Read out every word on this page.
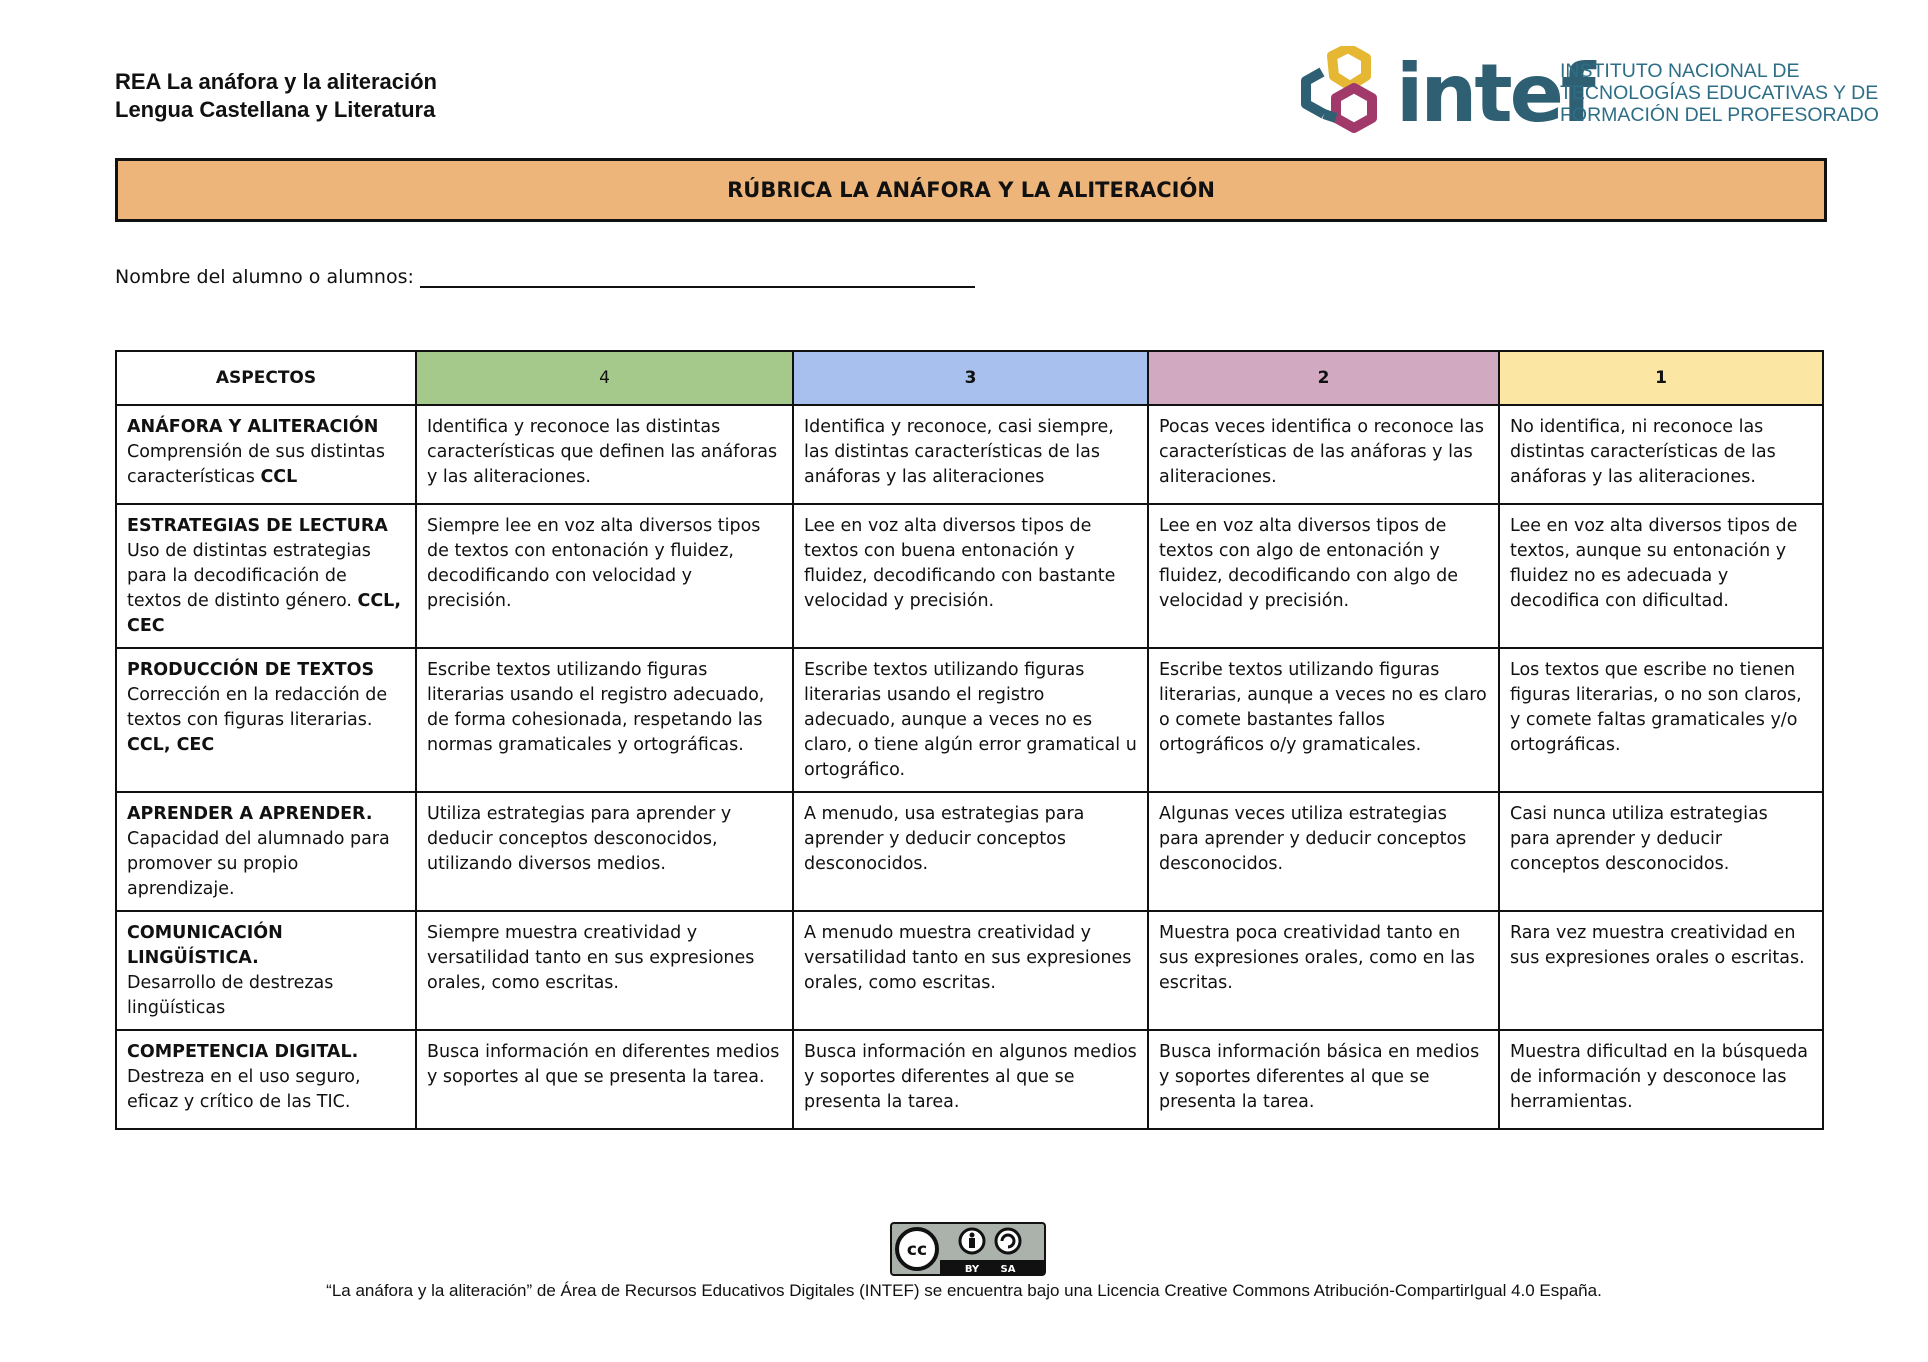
REA La anáfora y la aliteración
Lengua Castellana y Literatura	intef
INSTITUTO NACIONAL DE
TECNOLOGÍAS EDUCATIVAS Y DE
FORMACIÓN DEL PROFESORADO
RÚBRICA LA ANÁFORA Y LA ALITERACIÓN
Nombre del alumno o alumnos:
ASPECTOS	4	3	2	1
ANÁFORA Y ALITERACIÓN
Comprensión de sus distintas características CCL	Identifica y reconoce las distintas características que definen las anáforas y las aliteraciones.	Identifica y reconoce, casi siempre, las distintas características de las anáforas y las aliteraciones	Pocas veces identifica o reconoce las características de las anáforas y las aliteraciones.	No identifica, ni reconoce las distintas características de las anáforas y las aliteraciones.
ESTRATEGIAS DE LECTURA
Uso de distintas estrategias para la decodificación de textos de distinto género. CCL, CEC	Siempre lee en voz alta diversos tipos de textos con entonación y fluidez, decodificando con velocidad y precisión.	Lee en voz alta diversos tipos de textos con buena entonación y fluidez, decodificando con bastante velocidad y precisión.	Lee en voz alta diversos tipos de textos con algo de entonación y fluidez, decodificando con algo de velocidad y precisión.	Lee en voz alta diversos tipos de textos, aunque su entonación y fluidez no es adecuada y decodifica con dificultad.
PRODUCCIÓN DE TEXTOS
Corrección en la redacción de textos con figuras literarias.
CCL, CEC	Escribe textos utilizando figuras literarias usando el registro adecuado, de forma cohesionada, respetando las normas gramaticales y ortográficas.	Escribe textos utilizando figuras literarias usando el registro adecuado, aunque a veces no es claro, o tiene algún error gramatical u ortográfico.	Escribe textos utilizando figuras literarias, aunque a veces no es claro o comete bastantes fallos ortográficos o/y gramaticales.	Los textos que escribe no tienen figuras literarias, o no son claros, y comete faltas gramaticales y/o ortográficas.
APRENDER A APRENDER.
Capacidad del alumnado para promover su propio aprendizaje.	Utiliza estrategias para aprender y deducir conceptos desconocidos, utilizando diversos medios.	A menudo, usa estrategias para aprender y deducir conceptos desconocidos.	Algunas veces utiliza estrategias para aprender y deducir conceptos desconocidos.	Casi nunca utiliza estrategias para aprender y deducir conceptos desconocidos.
COMUNICACIÓN LINGÜÍSTICA.
Desarrollo de destrezas lingüísticas	Siempre muestra creatividad y versatilidad tanto en sus expresiones orales, como escritas.	A menudo muestra creatividad y versatilidad tanto en sus expresiones orales, como escritas.	Muestra poca creatividad tanto en sus expresiones orales, como en las escritas.	Rara vez muestra creatividad en sus expresiones orales o escritas.
COMPETENCIA DIGITAL.
Destreza en el uso seguro, eficaz y crítico de las TIC.	Busca información en diferentes medios y soportes al que se presenta la tarea.	Busca información en algunos medios y soportes diferentes al que se presenta la tarea.	Busca información básica en medios y soportes diferentes al que se presenta la tarea.	Muestra dificultad en la búsqueda de información y desconoce las herramientas.
cc
BY SA
“La anáfora y la aliteración” de Área de Recursos Educativos Digitales (INTEF) se encuentra bajo una Licencia Creative Commons Atribución-CompartirIgual 4.0 España.
